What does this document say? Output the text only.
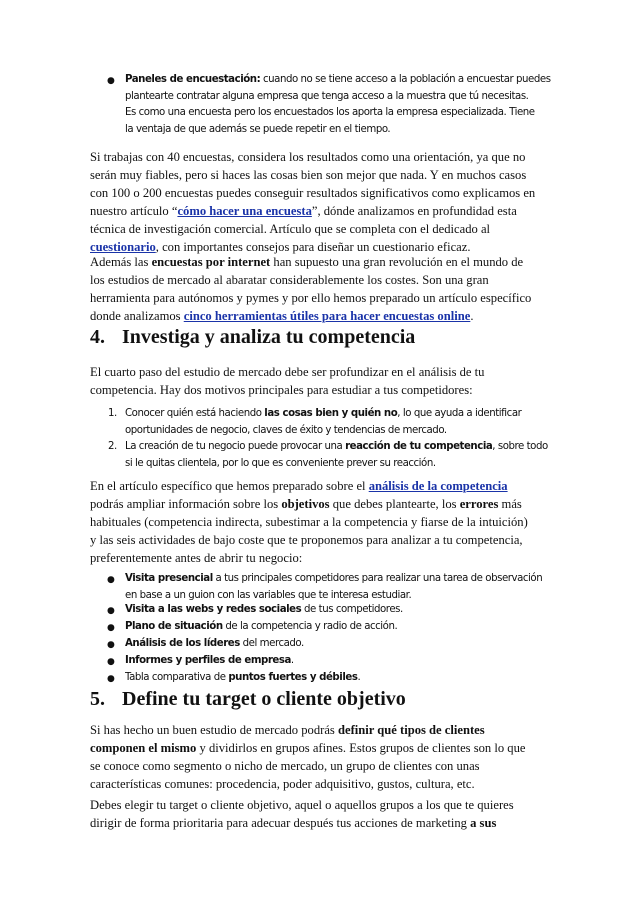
● Paneles de encuestación: cuando no se tiene acceso a la población a encuestar puedes
plantearte contratar alguna empresa que tenga acceso a la muestra que tú necesitas.
Es como una encuesta pero los encuestados los aporta la empresa especializada. Tiene
la ventaja de que además se puede repetir en el tiempo.
Si trabajas con 40 encuestas, considera los resultados como una orientación, ya que no
serán muy fiables, pero si haces las cosas bien son mejor que nada. Y en muchos casos
con 100 o 200 encuestas puedes conseguir resultados significativos como explicamos en
nuestro artículo “cómo hacer una encuesta”, dónde analizamos en profundidad esta
técnica de investigación comercial. Artículo que se completa con el dedicado al
cuestionario, con importantes consejos para diseñar un cuestionario eficaz.
Además las encuestas por internet han supuesto una gran revolución en el mundo de
los estudios de mercado al abaratar considerablemente los costes. Son una gran
herramienta para autónomos y pymes y por ello hemos preparado un artículo específico
donde analizamos cinco herramientas útiles para hacer encuestas online.
4. Investiga y analiza tu competencia
El cuarto paso del estudio de mercado debe ser profundizar en el análisis de tu
competencia. Hay dos motivos principales para estudiar a tus competidores:
1. Conocer quién está haciendo las cosas bien y quién no, lo que ayuda a identificar
oportunidades de negocio, claves de éxito y tendencias de mercado.
2. La creación de tu negocio puede provocar una reacción de tu competencia, sobre todo
si le quitas clientela, por lo que es conveniente prever su reacción.
En el artículo específico que hemos preparado sobre el análisis de la competencia
podrás ampliar información sobre los objetivos que debes plantearte, los errores más
habituales (competencia indirecta, subestimar a la competencia y fiarse de la intuición)
y las seis actividades de bajo coste que te proponemos para analizar a tu competencia,
preferentemente antes de abrir tu negocio:
● Visita presencial a tus principales competidores para realizar una tarea de observación
en base a un guion con las variables que te interesa estudiar.
● Visita a las webs y redes sociales de tus competidores.
● Plano de situación de la competencia y radio de acción.
● Análisis de los líderes del mercado.
● Informes y perfiles de empresa.
● Tabla comparativa de puntos fuertes y débiles.
5. Define tu target o cliente objetivo
Si has hecho un buen estudio de mercado podrás definir qué tipos de clientes
componen el mismo y dividirlos en grupos afines. Estos grupos de clientes son lo que
se conoce como segmento o nicho de mercado, un grupo de clientes con unas
características comunes: procedencia, poder adquisitivo, gustos, cultura, etc.
Debes elegir tu target o cliente objetivo, aquel o aquellos grupos a los que te quieres
dirigir de forma prioritaria para adecuar después tus acciones de marketing a sus
